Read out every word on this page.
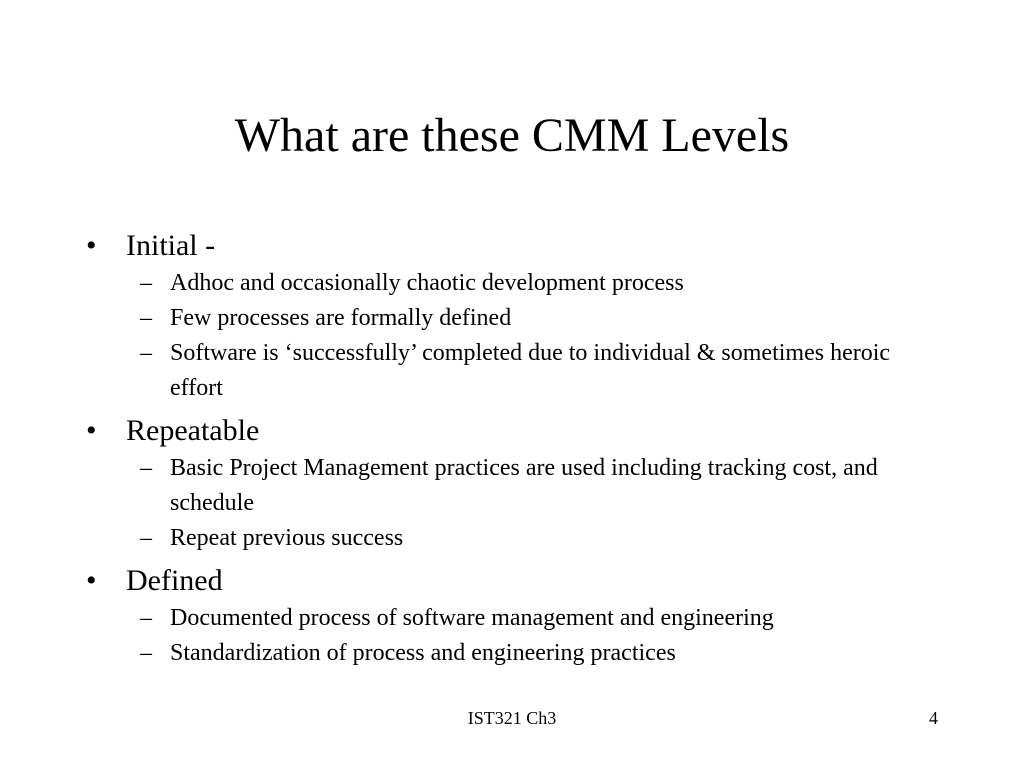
What are these CMM Levels
• Initial -
– Adhoc and occasionally chaotic development process
– Few processes are formally defined
– Software is ‘successfully’ completed due to individual & sometimes heroic effort
• Repeatable
– Basic Project Management practices are used including tracking cost, and schedule
– Repeat previous success
• Defined
– Documented process of software management and engineering
– Standardization of process and engineering practices
IST321 Ch3	4
